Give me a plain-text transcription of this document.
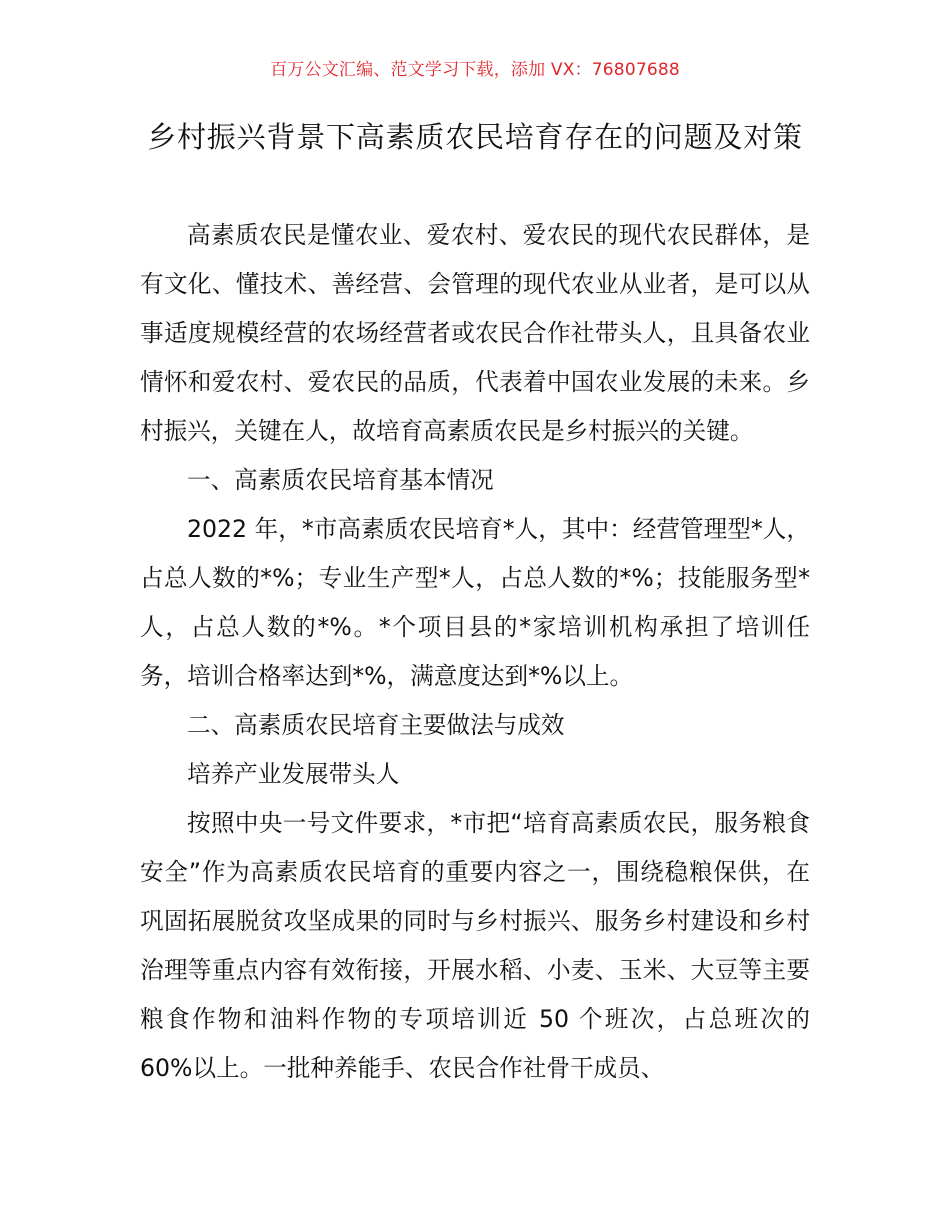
百万公文汇编、范文学习下载，添加 VX：76807688
乡村振兴背景下高素质农民培育存在的问题及对策

高素质农民是懂农业、爱农村、爱农民的现代农民群体，是有文化、懂技术、善经营、会管理的现代农业从业者，是可以从事适度规模经营的农场经营者或农民合作社带头人，且具备农业情怀和爱农村、爱农民的品质，代表着中国农业发展的未来。乡村振兴，关键在人，故培育高素质农民是乡村振兴的关键。

一、高素质农民培育基本情况

2022 年，*市高素质农民培育*人，其中：经营管理型*人，占总人数的*%；专业生产型*人，占总人数的*%；技能服务型*人，占总人数的*%。*个项目县的*家培训机构承担了培训任务，培训合格率达到*%，满意度达到*%以上。

二、高素质农民培育主要做法与成效

培养产业发展带头人

按照中央一号文件要求，*市把“培育高素质农民，服务粮食安全”作为高素质农民培育的重要内容之一，围绕稳粮保供，在巩固拓展脱贫攻坚成果的同时与乡村振兴、服务乡村建设和乡村治理等重点内容有效衔接，开展水稻、小麦、玉米、大豆等主要粮食作物和油料作物的专项培训近 50 个班次，占总班次的 60%以上。一批种养能手、农民合作社骨干成员、
